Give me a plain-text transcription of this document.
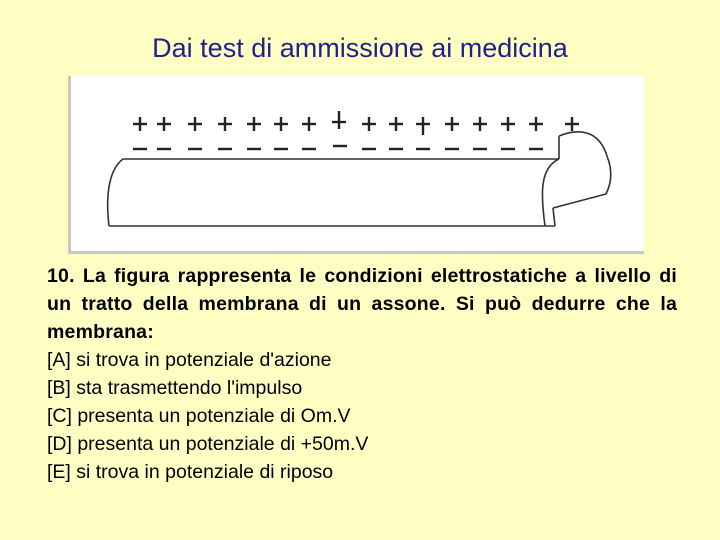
Dai test di ammissione ai medicina
10. La figura rappresenta le condizioni elettrostatiche a livello di un tratto della membrana di un assone. Si può dedurre che la membrana:
[A] si trova in potenziale d'azione
[B] sta trasmettendo l'impulso
[C] presenta un potenziale di Om.V
[D] presenta un potenziale di +50m.V
[E] si trova in potenziale di riposo
